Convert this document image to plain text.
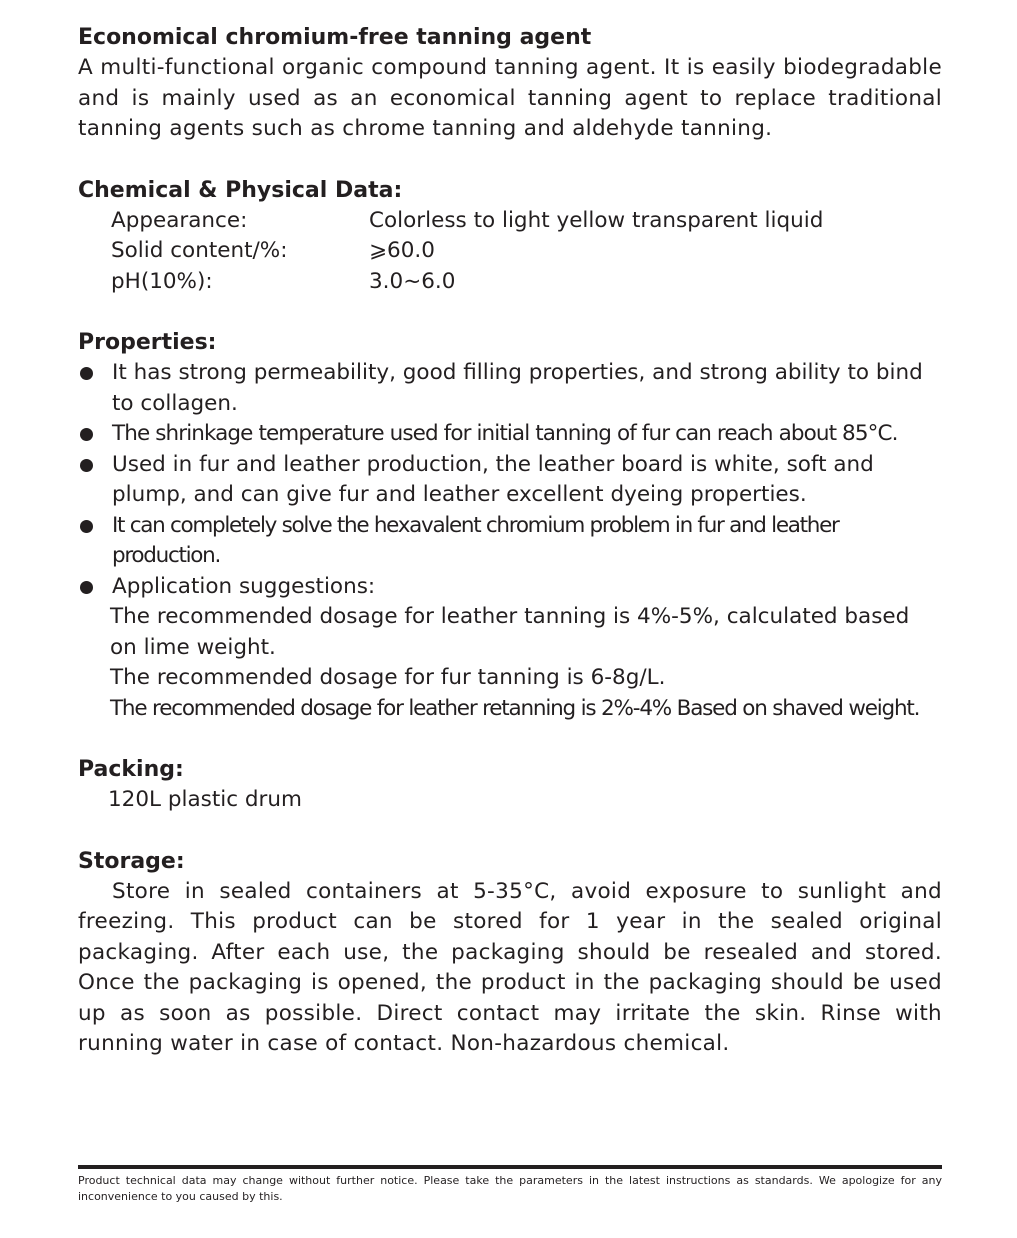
Economical chromium-free tanning agent

A multi-functional organic compound tanning agent. It is easily biodegradable and is mainly used as an economical tanning agent to replace traditional tanning agents such as chrome tanning and aldehyde tanning.

Chemical & Physical Data:
Appearance:	Colorless to light yellow transparent liquid
Solid content/%:	⩾60.0
pH(10%):	3.0~6.0
Properties:
It has strong permeability, good filling properties, and strong ability to bind to collagen.
The shrinkage temperature used for initial tanning of fur can reach about 85°C.
Used in fur and leather production, the leather board is white, soft and plump, and can give fur and leather excellent dyeing properties.
It can completely solve the hexavalent chromium problem in fur and leather production.
Application suggestions:
The recommended dosage for leather tanning is 4%-5%, calculated based on lime weight.
The recommended dosage for fur tanning is 6-8g/L.
The recommended dosage for leather retanning is 2%-4% Based on shaved weight.
Packing:
120L plastic drum
Storage:

Store in sealed containers at 5-35°C, avoid exposure to sunlight and freezing. This product can be stored for 1 year in the sealed original packaging. After each use, the packaging should be resealed and stored. Once the packaging is opened, the product in the packaging should be used up as soon as possible. Direct contact may irritate the skin. Rinse with running water in case of contact. Non-hazardous chemical.

Product technical data may change without further notice. Please take the parameters in the latest instructions as standards. We apologize for any inconvenience to you caused by this.
